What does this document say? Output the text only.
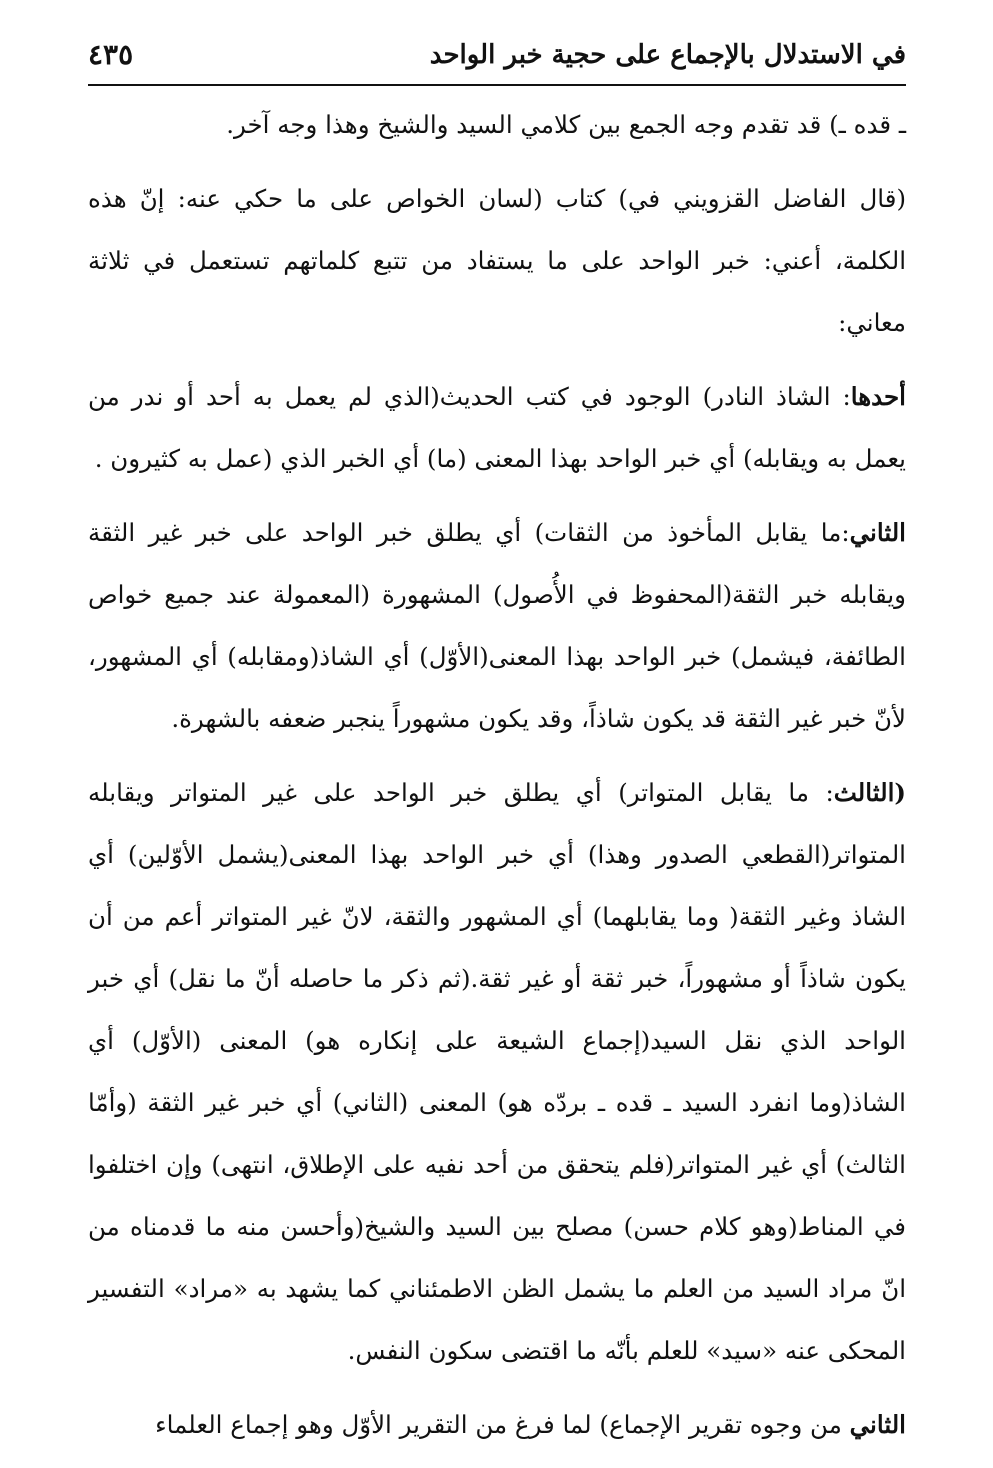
في الاستدلال بالإجماع على حجية خبر الواحد
٤٣٥

ـ قده ـ) قد تقدم وجه الجمع بين كلامي السيد والشيخ وهذا وجه آخر.

(قال الفاضل القزويني في) كتاب (لسان الخواص على ما حكي عنه: إنّ هذه الكلمة، أعني: خبر الواحد على ما يستفاد من تتبع كلماتهم تستعمل في ثلاثة معاني:

أحدها: الشاذ النادر) الوجود في كتب الحديث(الذي لم يعمل به أحد أو ندر من يعمل به ويقابله) أي خبر الواحد بهذا المعنى (ما) أي الخبر الذي (عمل به كثيرون .

الثاني:ما يقابل المأخوذ من الثقات) أي يطلق خبر الواحد على خبر غير الثقة ويقابله خبر الثقة(المحفوظ في الأُصول) المشهورة (المعمولة عند جميع خواص الطائفة، فيشمل) خبر الواحد بهذا المعنى(الأوّل) أي الشاذ(ومقابله) أي المشهور، لأنّ خبر غير الثقة قد يكون شاذاً، وقد يكون مشهوراً ينجبر ضعفه بالشهرة.

(الثالث: ما يقابل المتواتر) أي يطلق خبر الواحد على غير المتواتر ويقابله المتواتر(القطعي الصدور وهذا) أي خبر الواحد بهذا المعنى(يشمل الأوّلين) أي الشاذ وغير الثقة( وما يقابلهما) أي المشهور والثقة، لانّ غير المتواتر أعم من أن يكون شاذاً أو مشهوراً، خبر ثقة أو غير ثقة.(ثم ذكر ما حاصله أنّ ما نقل) أي خبر الواحد الذي نقل السيد(إجماع الشيعة على إنكاره هو) المعنى (الأوّل) أي الشاذ(وما انفرد السيد ـ قده ـ بردّه هو) المعنى (الثاني) أي خبر غير الثقة (وأمّا الثالث) أي غير المتواتر(فلم يتحقق من أحد نفيه على الإطلاق، انتهى) وإن اختلفوا في المناط(وهو كلام حسن) مصلح بين السيد والشيخ(وأحسن منه ما قدمناه من انّ مراد السيد من العلم ما يشمل الظن الاطمئناني كما يشهد به «مراد» التفسير المحكى عنه «سيد» للعلم بأنّه ما اقتضى سكون النفس.

الثاني من وجوه تقرير الإجماع) لما فرغ من التقرير الأوّل وهو إجماع العلماء
